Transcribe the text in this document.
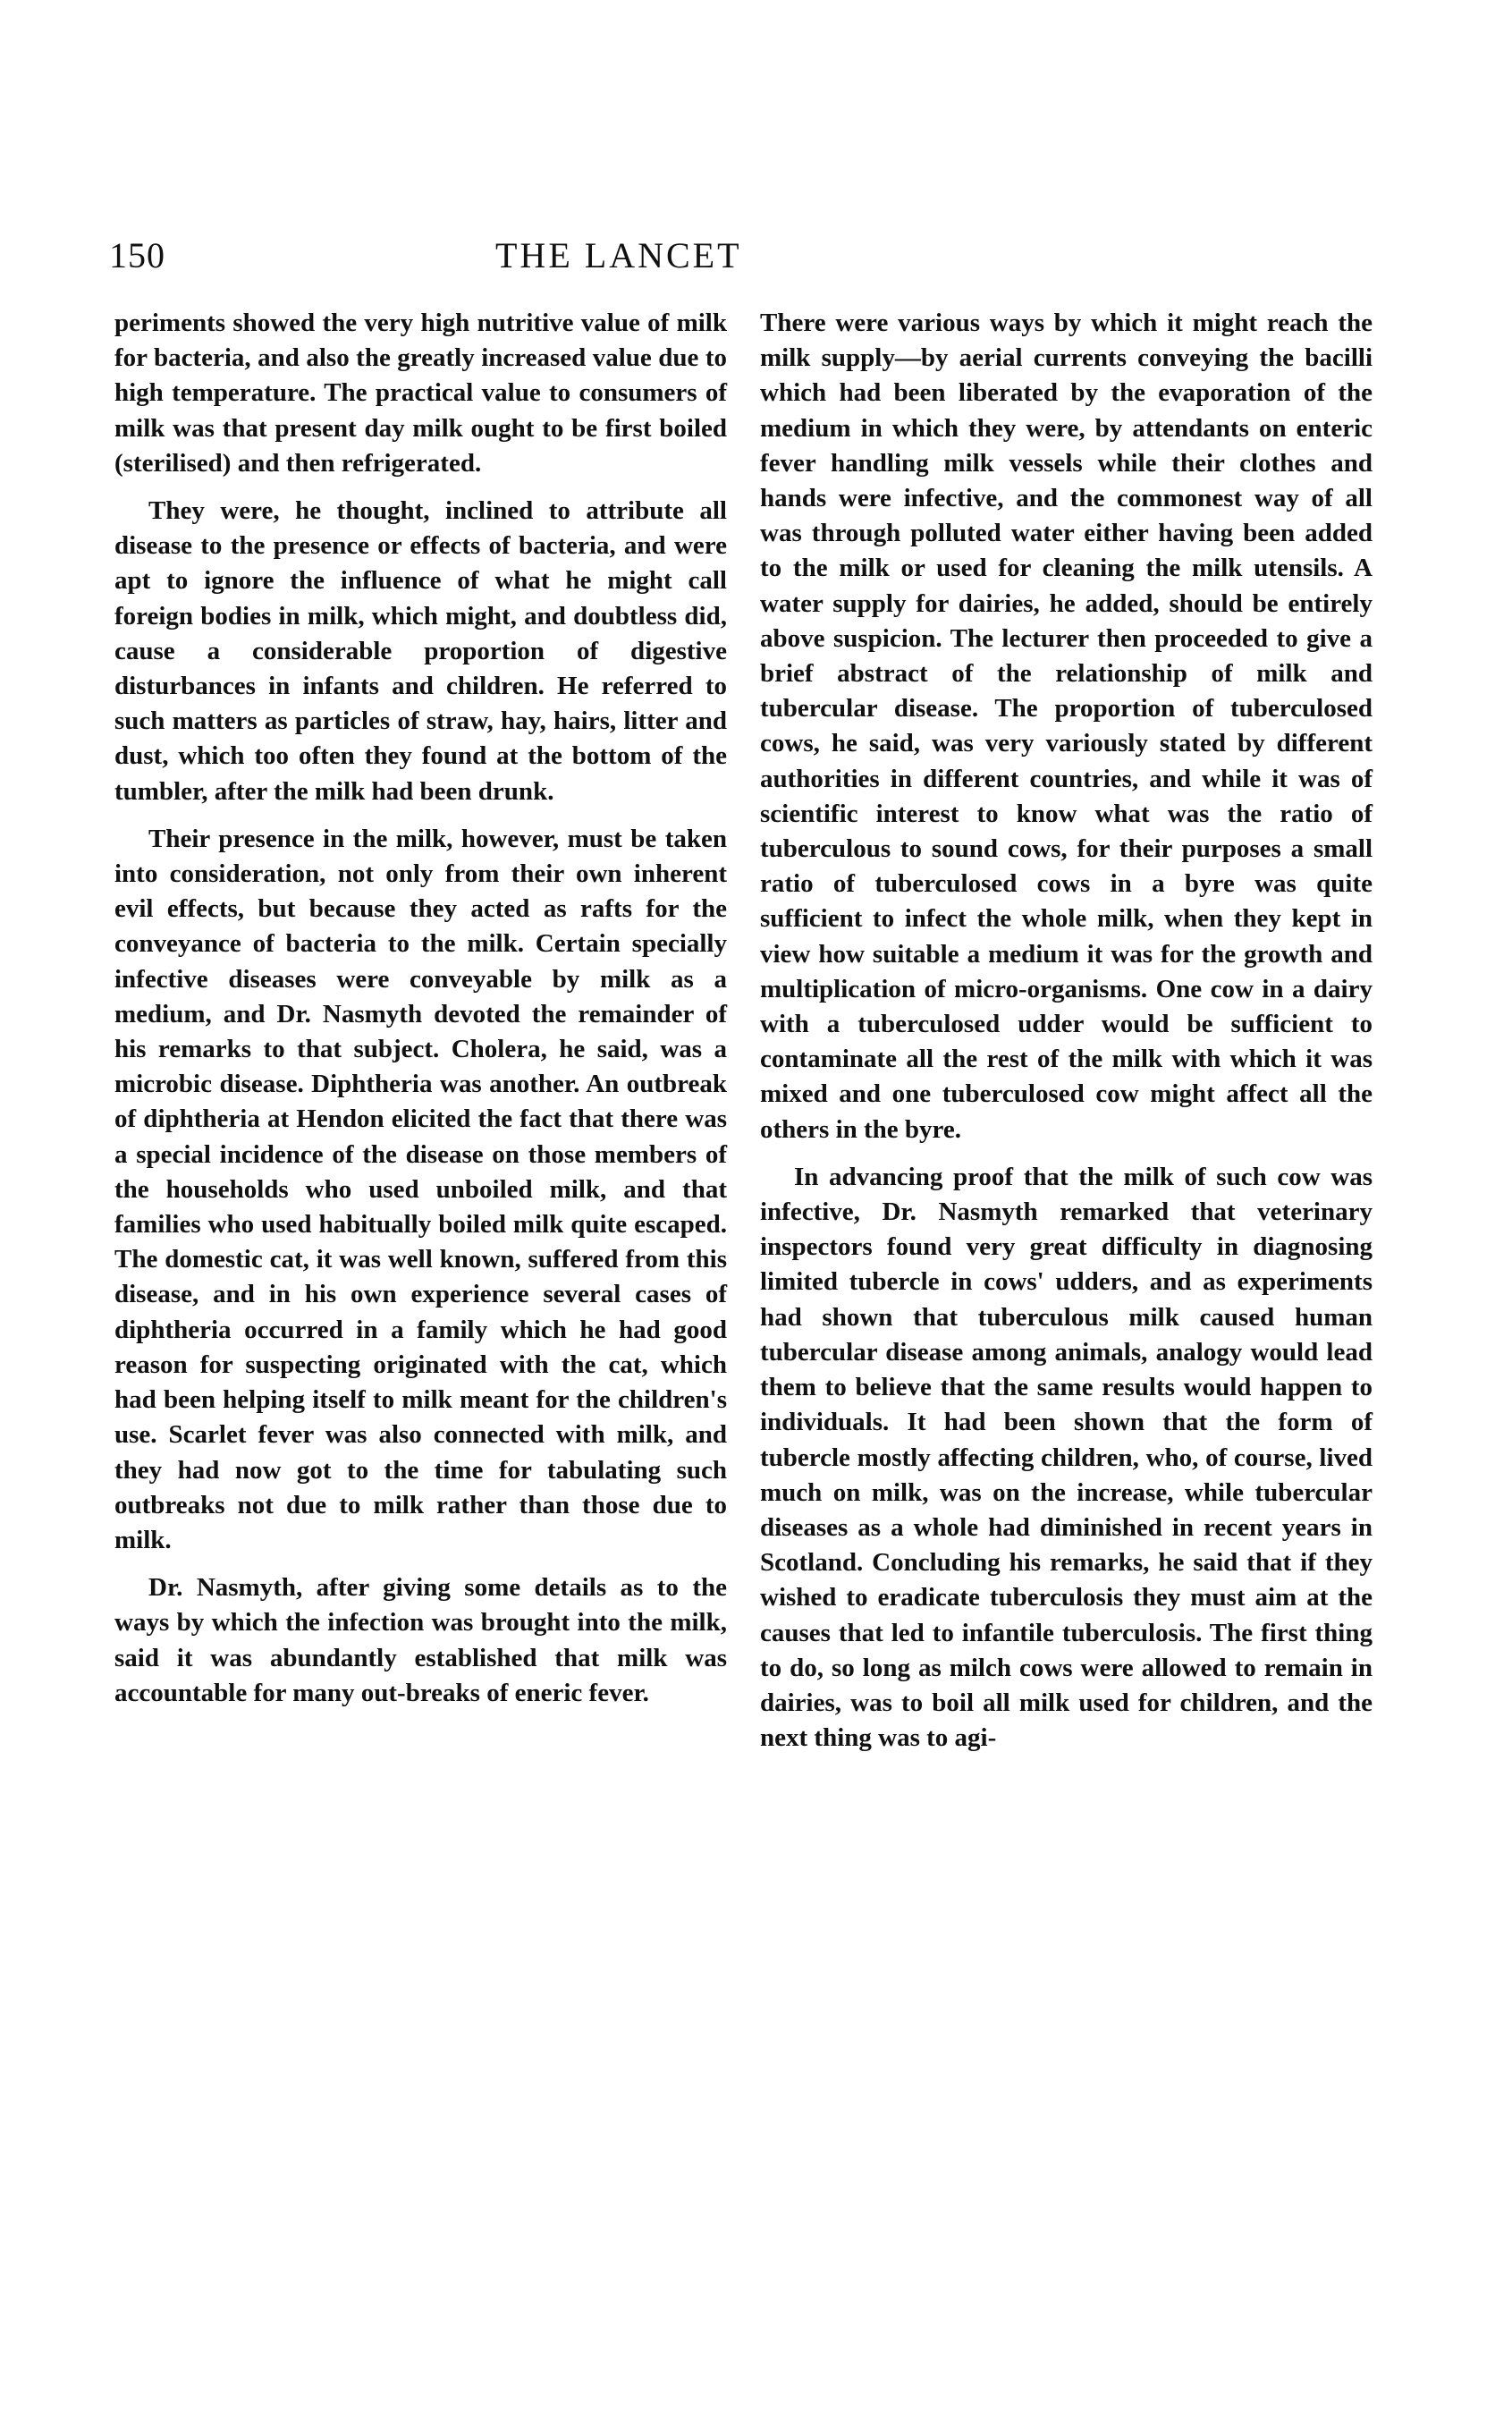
150	THE LANCET

periments showed the very high nutritive value of milk for bacteria, and also the greatly increased value due to high temperature. The practical value to consumers of milk was that present day milk ought to be first boiled (sterilised) and then refrigerated.

They were, he thought, inclined to attribute all disease to the presence or effects of bacteria, and were apt to ignore the influence of what he might call foreign bodies in milk, which might, and doubtless did, cause a considerable proportion of digestive disturbances in infants and children. He referred to such matters as particles of straw, hay, hairs, litter and dust, which too often they found at the bottom of the tumbler, after the milk had been drunk.

Their presence in the milk, however, must be taken into consideration, not only from their own inherent evil effects, but because they acted as rafts for the conveyance of bacteria to the milk. Certain specially infective diseases were conveyable by milk as a medium, and Dr. Nasmyth devoted the remainder of his remarks to that subject. Cholera, he said, was a microbic disease. Diphtheria was another. An outbreak of diphtheria at Hendon elicited the fact that there was a special incidence of the disease on those members of the households who used unboiled milk, and that families who used habitually boiled milk quite escaped. The domestic cat, it was well known, suffered from this disease, and in his own experience several cases of diphtheria occurred in a family which he had good reason for suspecting originated with the cat, which had been helping itself to milk meant for the children's use. Scarlet fever was also connected with milk, and they had now got to the time for tabulating such outbreaks not due to milk rather than those due to milk.

Dr. Nasmyth, after giving some details as to the ways by which the infection was brought into the milk, said it was abundantly established that milk was accountable for many out-breaks of eneric fever.

There were various ways by which it might reach the milk supply—by aerial currents conveying the bacilli which had been liberated by the evaporation of the medium in which they were, by attendants on enteric fever handling milk vessels while their clothes and hands were infective, and the commonest way of all was through polluted water either having been added to the milk or used for cleaning the milk utensils. A water supply for dairies, he added, should be entirely above suspicion. The lecturer then proceeded to give a brief abstract of the relationship of milk and tubercular disease. The proportion of tuberculosed cows, he said, was very variously stated by different authorities in different countries, and while it was of scientific interest to know what was the ratio of tuberculous to sound cows, for their purposes a small ratio of tuberculosed cows in a byre was quite sufficient to infect the whole milk, when they kept in view how suitable a medium it was for the growth and multiplication of micro-organisms. One cow in a dairy with a tuberculosed udder would be sufficient to contaminate all the rest of the milk with which it was mixed and one tuberculosed cow might affect all the others in the byre.

In advancing proof that the milk of such cow was infective, Dr. Nasmyth remarked that veterinary inspectors found very great difficulty in diagnosing limited tubercle in cows' udders, and as experiments had shown that tuberculous milk caused human tubercular disease among animals, analogy would lead them to believe that the same results would happen to individuals. It had been shown that the form of tubercle mostly affecting children, who, of course, lived much on milk, was on the increase, while tubercular diseases as a whole had diminished in recent years in Scotland. Concluding his remarks, he said that if they wished to eradicate tuberculosis they must aim at the causes that led to infantile tuberculosis. The first thing to do, so long as milch cows were allowed to remain in dairies, was to boil all milk used for children, and the next thing was to agi-
